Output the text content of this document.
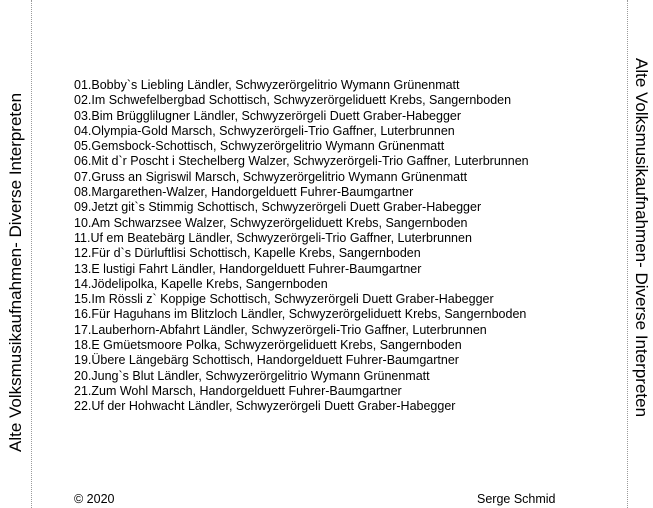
Alte Volksmusikaufnahmen- Diverse Interpreten	Alte Volksmusikaufnahmen- Diverse Interpreten
01.Bobby`s Liebling Ländler, Schwyzerörgelitrio Wymann Grünenmatt
02.Im Schwefelbergbad Schottisch, Schwyzerörgeliduett Krebs, Sangernboden
03.Bim Brügglilugner Ländler, Schwyzerörgeli Duett Graber-Habegger
04.Olympia-Gold Marsch, Schwyzerörgeli-Trio Gaffner, Luterbrunnen
05.Gemsbock-Schottisch, Schwyzerörgelitrio Wymann Grünenmatt
06.Mit d`r Poscht i Stechelberg Walzer, Schwyzerörgeli-Trio Gaffner, Luterbrunnen
07.Gruss an Sigriswil Marsch, Schwyzerörgelitrio Wymann Grünenmatt
08.Margarethen-Walzer, Handorgelduett Fuhrer-Baumgartner
09.Jetzt git`s Stimmig Schottisch, Schwyzerörgeli Duett Graber-Habegger
10.Am Schwarzsee Walzer, Schwyzerörgeliduett Krebs, Sangernboden
11.Uf em Beatebärg Ländler, Schwyzerörgeli-Trio Gaffner, Luterbrunnen
12.Für d`s Dürluftlisi Schottisch, Kapelle Krebs, Sangernboden
13.E lustigi Fahrt Ländler, Handorgelduett Fuhrer-Baumgartner
14.Jödelipolka, Kapelle Krebs, Sangernboden
15.Im Rössli z` Koppige Schottisch, Schwyzerörgeli Duett Graber-Habegger
16.Für Haguhans im Blitzloch Ländler, Schwyzerörgeliduett Krebs, Sangernboden
17.Lauberhorn-Abfahrt Ländler, Schwyzerörgeli-Trio Gaffner, Luterbrunnen
18.E Gmüetsmoore Polka, Schwyzerörgeliduett Krebs, Sangernboden
19.Übere Längebärg Schottisch, Handorgelduett Fuhrer-Baumgartner
20.Jung`s Blut Ländler, Schwyzerörgelitrio Wymann Grünenmatt
21.Zum Wohl Marsch, Handorgelduett Fuhrer-Baumgartner
22.Uf der Hohwacht Ländler, Schwyzerörgeli Duett Graber-Habegger
© 2020	Serge Schmid
